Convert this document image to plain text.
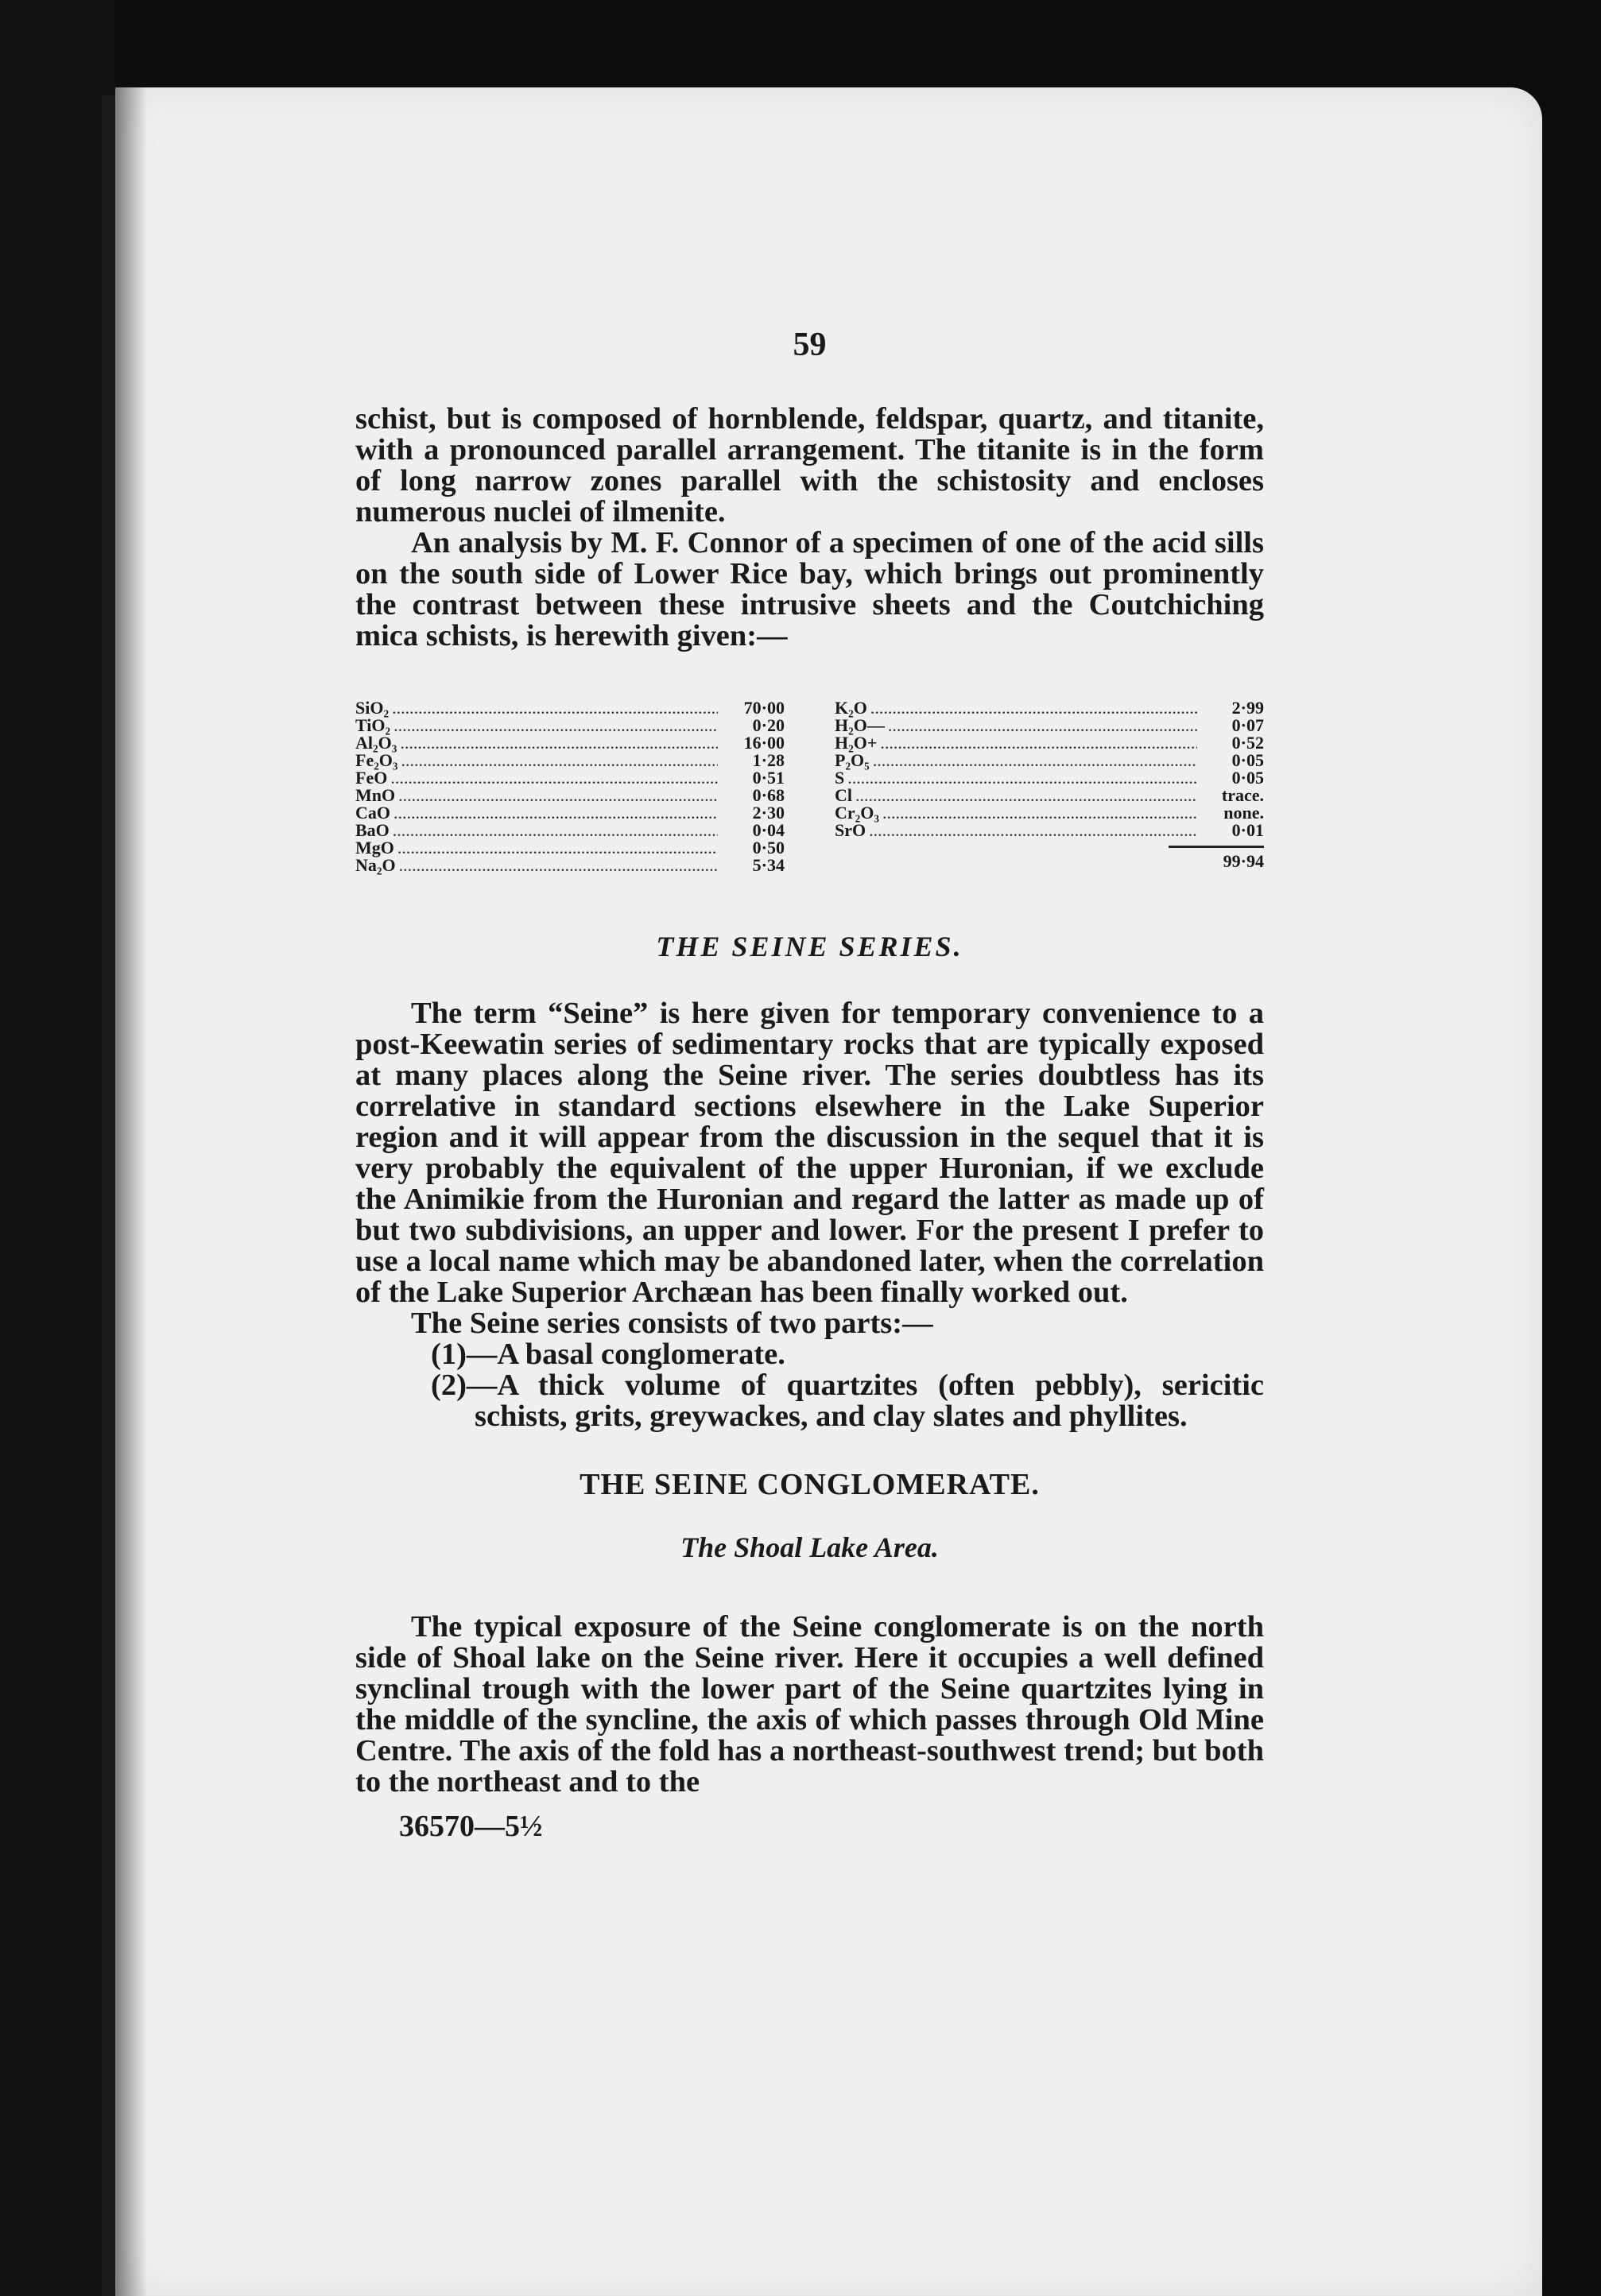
59

schist, but is composed of hornblende, feldspar, quartz, and titanite, with a pronounced parallel arrangement. The titanite is in the form of long narrow zones parallel with the schistosity and encloses numerous nuclei of ilmenite.

An analysis by M. F. Connor of a specimen of one of the acid sills on the south side of Lower Rice bay, which brings out prominently the contrast between these intrusive sheets and the Coutchiching mica schists, is herewith given:—

SiO₂ .....	70·00
TiO₂ .....	0·20
Al₂O₃ .....	16·00
Fe₂O₃ .....	1·28
FeO .....	0·51
MnO .....	0·68
CaO .....	2·30
BaO .....	0·04
MgO .....	0·50
Na₂O .....	5·34
K₂O .....	2·99
H₂O— .....	0·07
H₂O+ .....	0·52
P₂O₅ .....	0·05
S .....	0·05
Cl .....	trace.
Cr₂O₃ .....	none.
SrO .....	0·01
99·94
THE SEINE SERIES.

The term “Seine” is here given for temporary convenience to a post-Keewatin series of sedimentary rocks that are typically exposed at many places along the Seine river. The series doubtless has its correlative in standard sections elsewhere in the Lake Superior region and it will appear from the discussion in the sequel that it is very probably the equivalent of the upper Huronian, if we exclude the Animikie from the Huronian and regard the latter as made up of but two subdivisions, an upper and lower. For the present I prefer to use a local name which may be abandoned later, when the correlation of the Lake Superior Archæan has been finally worked out.

The Seine series consists of two parts:—

(1)—A basal conglomerate.
(2)—A thick volume of quartzites (often pebbly), sericitic schists, grits, greywackes, and clay slates and phyllites.
THE SEINE CONGLOMERATE.
The Shoal Lake Area.

The typical exposure of the Seine conglomerate is on the north side of Shoal lake on the Seine river. Here it occupies a well defined synclinal trough with the lower part of the Seine quartzites lying in the middle of the syncline, the axis of which passes through Old Mine Centre. The axis of the fold has a northeast-southwest trend; but both to the northeast and to the

36570—5½
